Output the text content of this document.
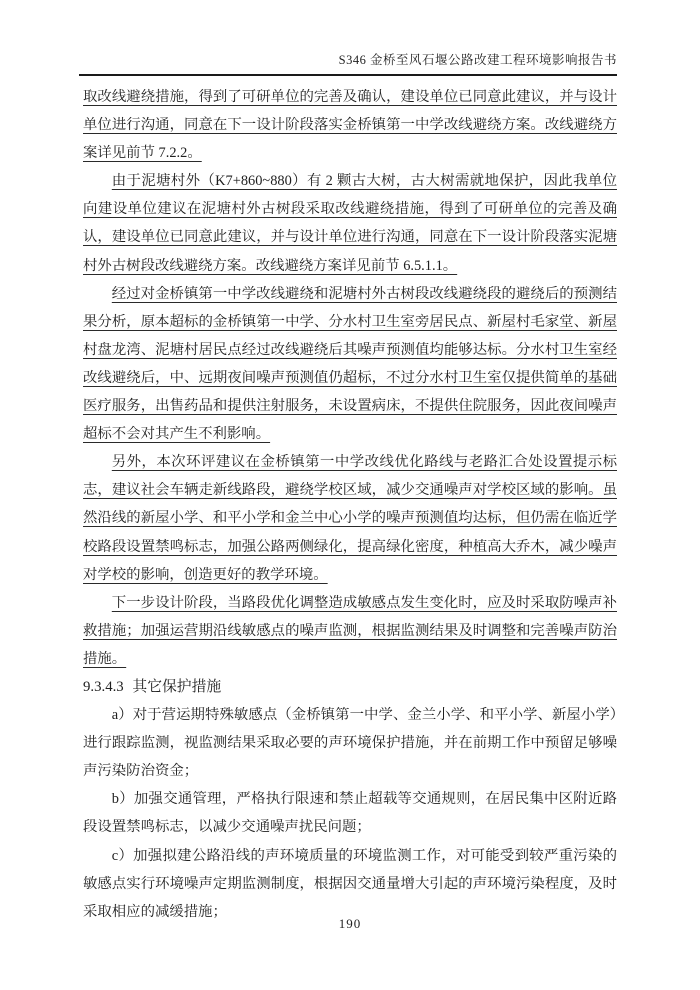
S346 金桥至风石堰公路改建工程环境影响报告书

取改线避绕措施，得到了可研单位的完善及确认，建设单位已同意此建议，并与设计单位进行沟通，同意在下一设计阶段落实金桥镇第一中学改线避绕方案。改线避绕方案详见前节 7.2.2。

由于泥塘村外（K7+860~880）有 2 颗古大树，古大树需就地保护，因此我单位向建设单位建议在泥塘村外古树段采取改线避绕措施，得到了可研单位的完善及确认，建设单位已同意此建议，并与设计单位进行沟通，同意在下一设计阶段落实泥塘村外古树段改线避绕方案。改线避绕方案详见前节 6.5.1.1。

经过对金桥镇第一中学改线避绕和泥塘村外古树段改线避绕段的避绕后的预测结果分析，原本超标的金桥镇第一中学、分水村卫生室旁居民点、新屋村毛家堂、新屋村盘龙湾、泥塘村居民点经过改线避绕后其噪声预测值均能够达标。分水村卫生室经改线避绕后，中、远期夜间噪声预测值仍超标，不过分水村卫生室仅提供简单的基础医疗服务，出售药品和提供注射服务，未设置病床，不提供住院服务，因此夜间噪声超标不会对其产生不利影响。

另外，本次环评建议在金桥镇第一中学改线优化路线与老路汇合处设置提示标志，建议社会车辆走新线路段，避绕学校区域，减少交通噪声对学校区域的影响。虽然沿线的新屋小学、和平小学和金兰中心小学的噪声预测值均达标，但仍需在临近学校路段设置禁鸣标志，加强公路两侧绿化，提高绿化密度，种植高大乔木，减少噪声对学校的影响，创造更好的教学环境。

下一步设计阶段，当路段优化调整造成敏感点发生变化时，应及时采取防噪声补救措施；加强运营期沿线敏感点的噪声监测，根据监测结果及时调整和完善噪声防治措施。

9.3.4.3 其它保护措施

a）对于营运期特殊敏感点（金桥镇第一中学、金兰小学、和平小学、新屋小学）进行跟踪监测，视监测结果采取必要的声环境保护措施，并在前期工作中预留足够噪声污染防治资金；

b）加强交通管理，严格执行限速和禁止超载等交通规则，在居民集中区附近路段设置禁鸣标志，以减少交通噪声扰民问题；

c）加强拟建公路沿线的声环境质量的环境监测工作，对可能受到较严重污染的敏感点实行环境噪声定期监测制度，根据因交通量增大引起的声环境污染程度，及时采取相应的减缓措施；

190
